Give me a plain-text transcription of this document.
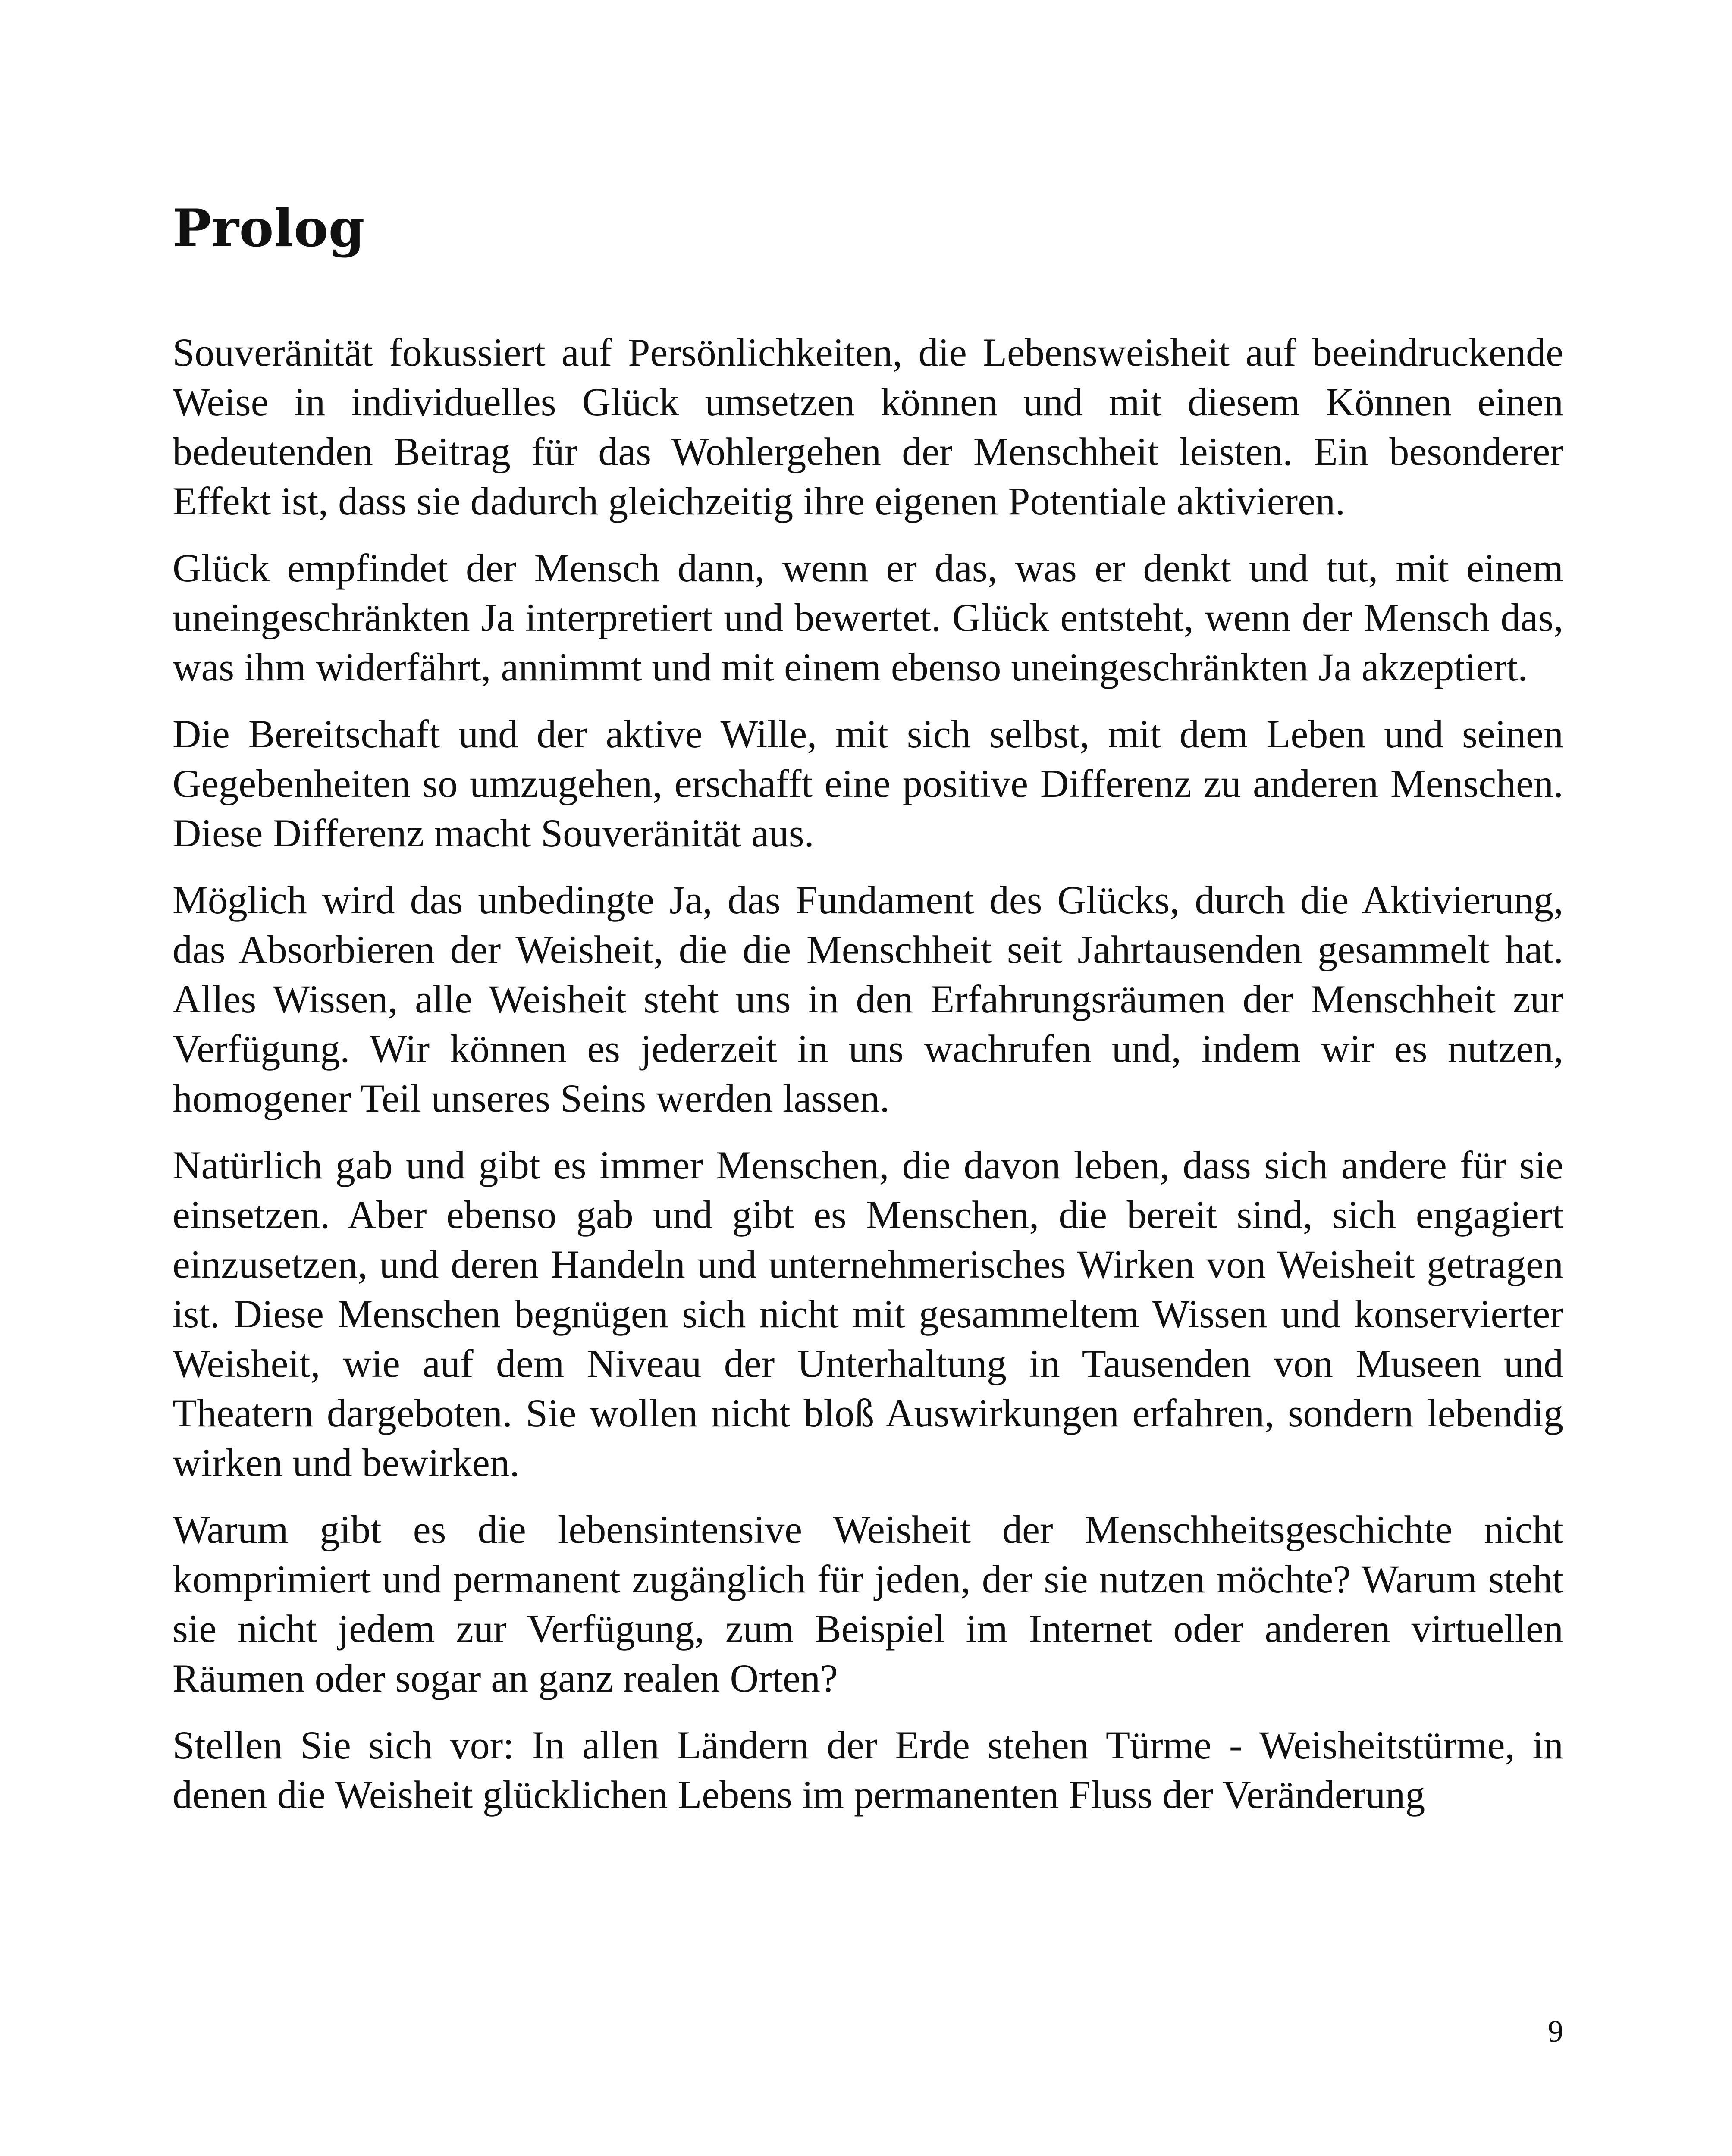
Prolog

Souveränität fokussiert auf Persönlichkeiten, die Lebensweisheit auf beeindruckende Weise in individuelles Glück umsetzen können und mit diesem Können einen bedeutenden Beitrag für das Wohlergehen der Menschheit leisten. Ein besonderer Effekt ist, dass sie dadurch gleichzeitig ihre eigenen Potentiale aktivieren.

Glück empfindet der Mensch dann, wenn er das, was er denkt und tut, mit einem uneingeschränkten Ja interpretiert und bewertet. Glück entsteht, wenn der Mensch das, was ihm widerfährt, annimmt und mit einem ebenso uneingeschränkten Ja akzeptiert.

Die Bereitschaft und der aktive Wille, mit sich selbst, mit dem Leben und seinen Gegebenheiten so umzugehen, erschafft eine positive Differenz zu anderen Menschen. Diese Differenz macht Souveränität aus.

Möglich wird das unbedingte Ja, das Fundament des Glücks, durch die Aktivierung, das Absorbieren der Weisheit, die die Menschheit seit Jahrtausenden gesammelt hat. Alles Wissen, alle Weisheit steht uns in den Erfahrungsräumen der Menschheit zur Verfügung. Wir können es jederzeit in uns wachrufen und, indem wir es nutzen, homogener Teil unseres Seins werden lassen.

Natürlich gab und gibt es immer Menschen, die davon leben, dass sich andere für sie einsetzen. Aber ebenso gab und gibt es Menschen, die bereit sind, sich engagiert einzusetzen, und deren Handeln und unternehmerisches Wirken von Weisheit getragen ist. Diese Menschen begnügen sich nicht mit gesammeltem Wissen und konservierter Weisheit, wie auf dem Niveau der Unterhaltung in Tausenden von Museen und Theatern dargeboten. Sie wollen nicht bloß Auswirkungen erfahren, sondern lebendig wirken und bewirken.

Warum gibt es die lebensintensive Weisheit der Menschheitsgeschichte nicht komprimiert und permanent zugänglich für jeden, der sie nutzen möchte? Warum steht sie nicht jedem zur Verfügung, zum Beispiel im Internet oder anderen virtuellen Räumen oder sogar an ganz realen Orten?

Stellen Sie sich vor: In allen Ländern der Erde stehen Türme - Weisheitstürme, in denen die Weisheit glücklichen Lebens im permanenten Fluss der Veränderung

9
